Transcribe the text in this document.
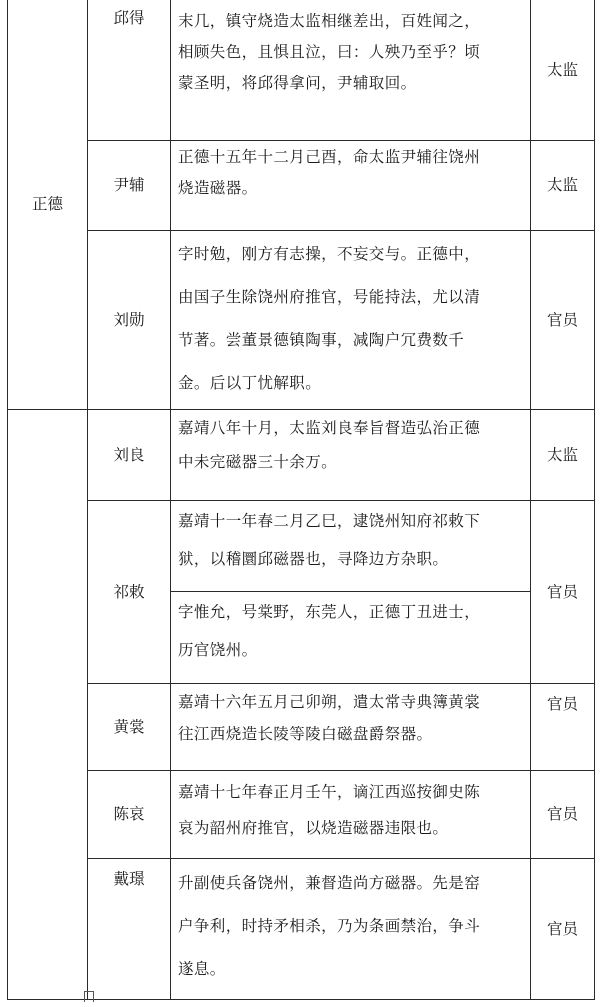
正德
邱得 末几，镇守烧造太监相继差出，百姓闻之，
相顾失色，且惧且泣，曰：人殃乃至乎？顷
蒙圣明，将邱得拿问，尹辅取回。
太监
尹辅
正德十五年十二月己酉，命太监尹辅往饶州
烧造磁器。	太监
刘勋
字时勉，刚方有志操，不妄交与。正德中，
由国子生除饶州府推官，号能持法，尤以清
节著。尝董景德镇陶事，减陶户冗费数千
金。后以丁忧解职。
官员
刘良
嘉靖八年十月，太监刘良奉旨督造弘治正德
中未完磁器三十余万。	太监
祁敕
嘉靖十一年春二月乙巳，逮饶州知府祁敕下
狱，以稽圜邱磁器也，寻降边方杂职。
字惟允，号棠野，东莞人，正德丁丑进士，
历官饶州。
官员
黄裳
嘉靖十六年五月己卯朔，遣太常寺典簿黄裳
往江西烧造长陵等陵白磁盘爵祭器。
官员
陈哀
嘉靖十七年春正月壬午，谪江西巡按御史陈
哀为韶州府推官，以烧造磁器违限也。
官员
戴璟 升副使兵备饶州，兼督造尚方磁器。先是窑
户争利，时持矛相杀，乃为条画禁治，争斗
遂息。
官员
